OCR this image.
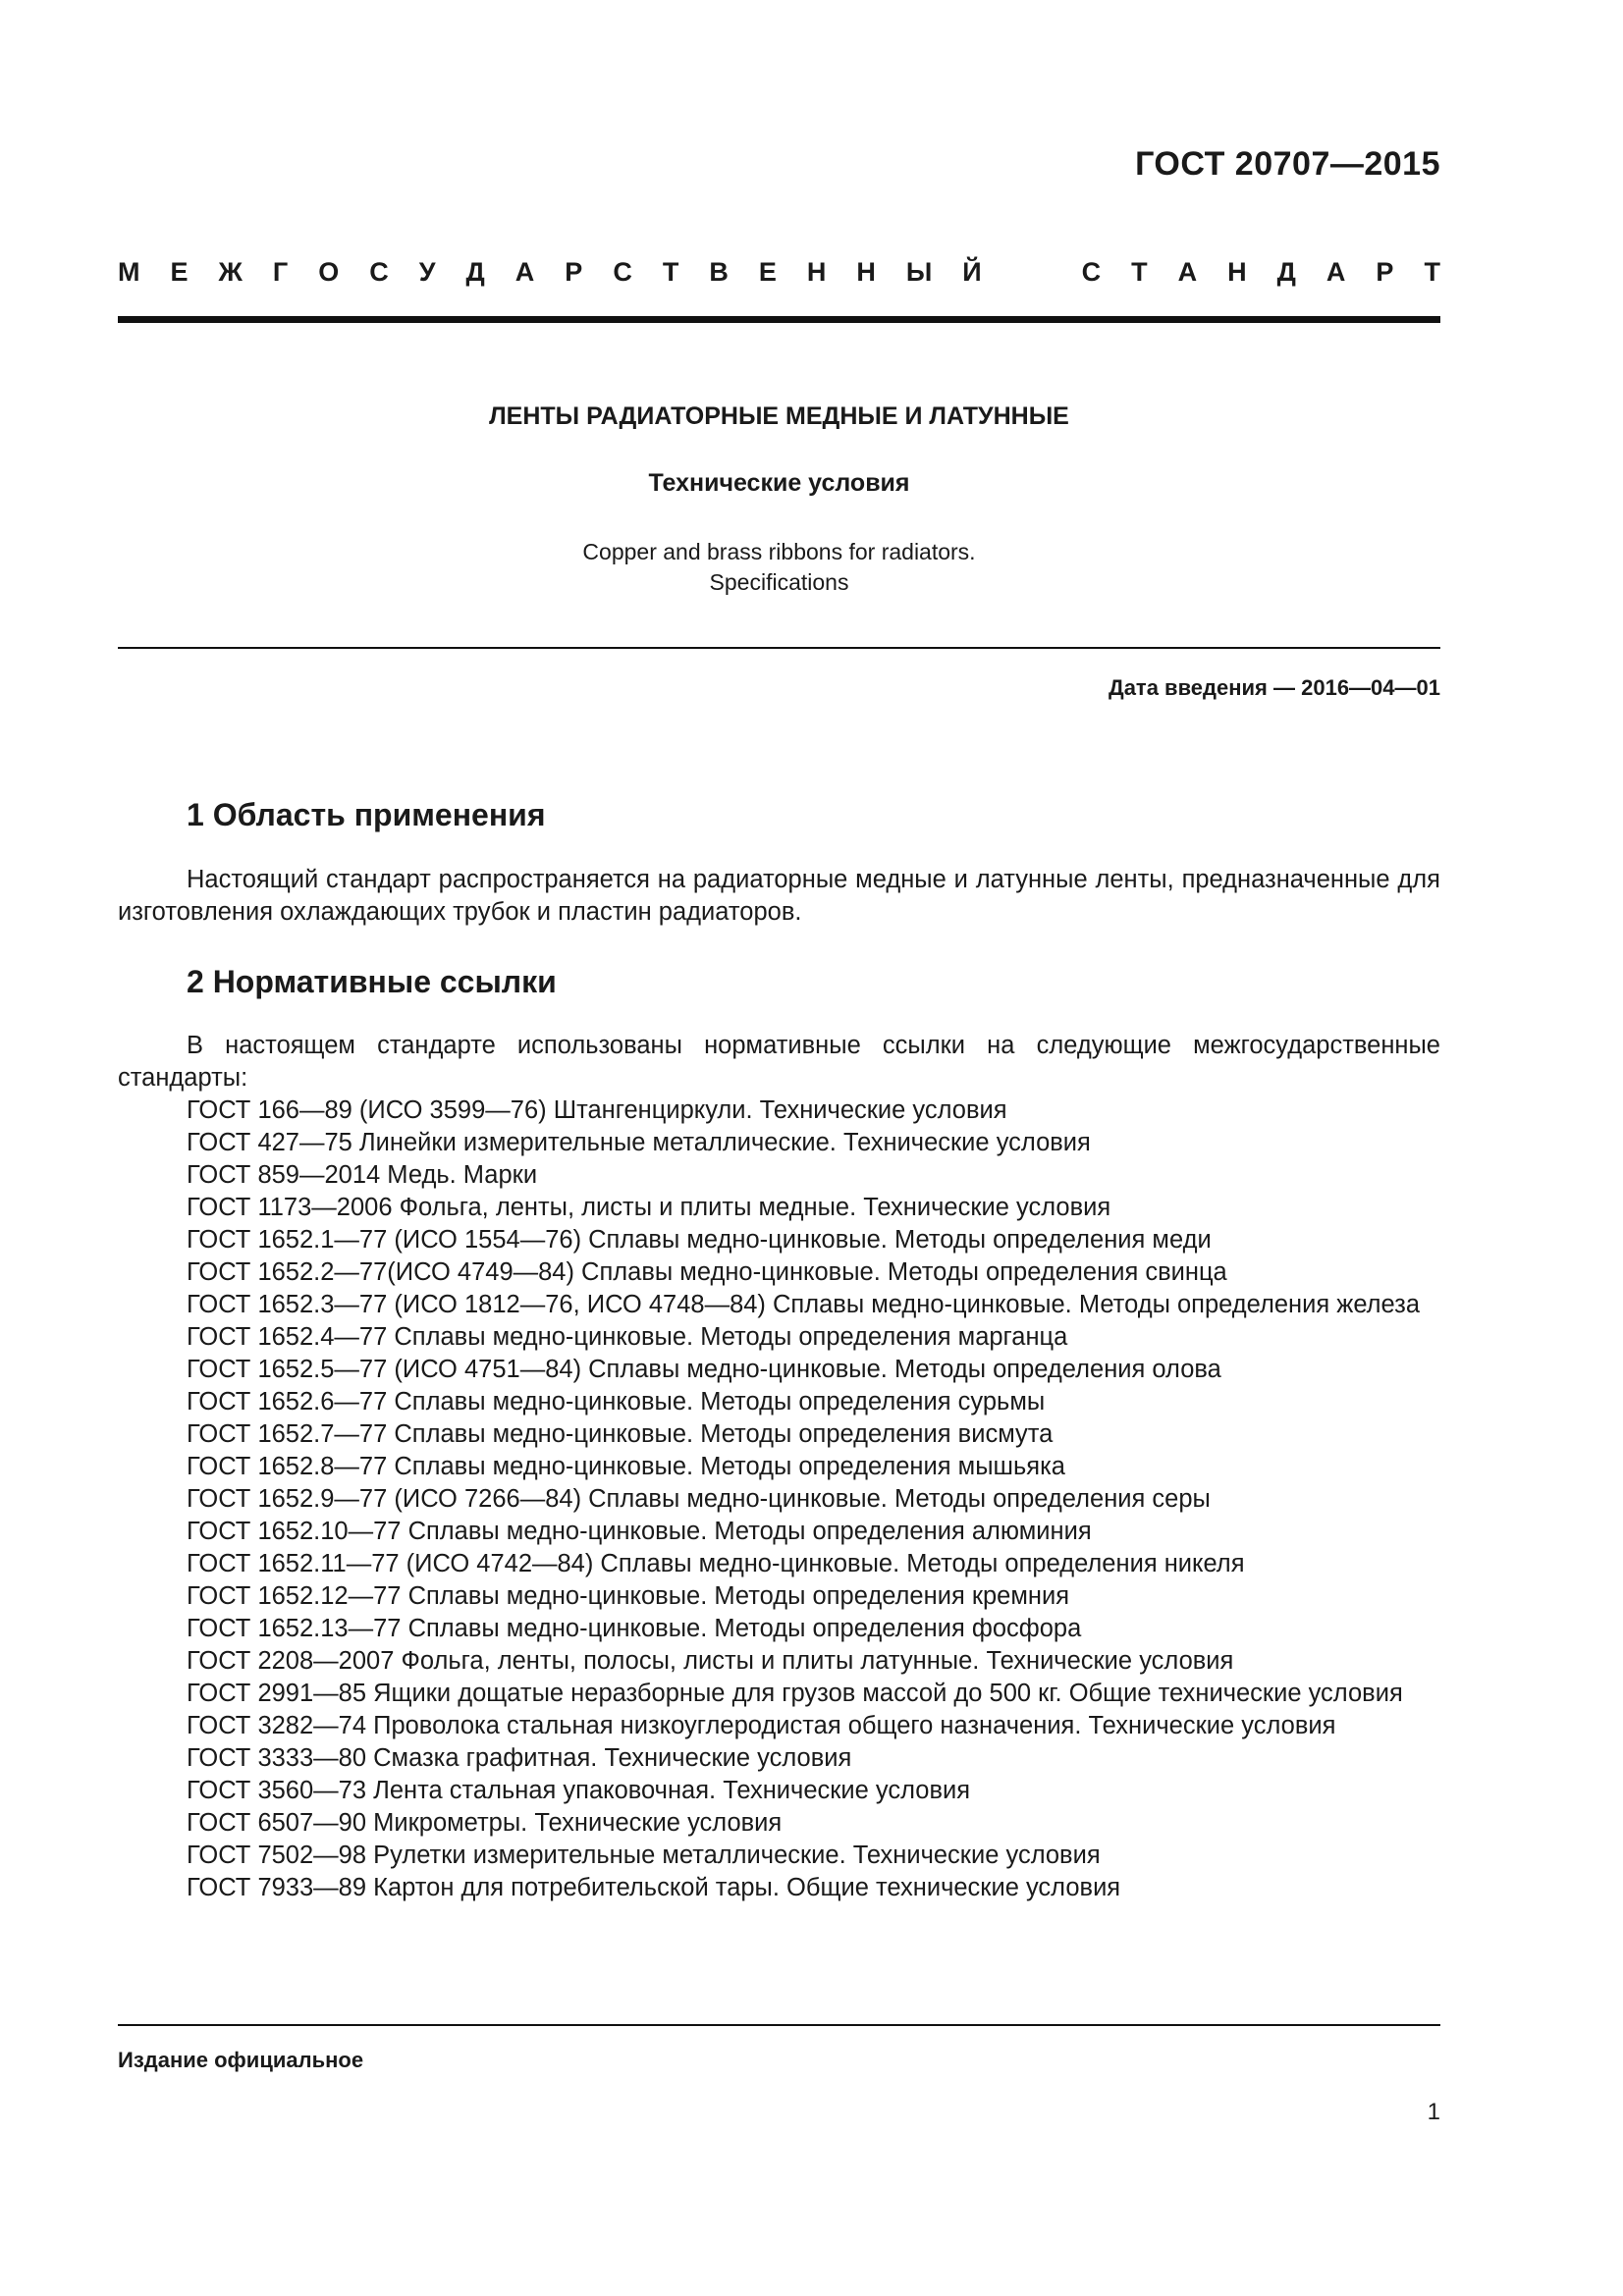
ГОСТ 20707—2015
М Е Ж Г О С У Д А Р С Т В Е Н Н Ы Й	С Т А Н Д А Р Т
ЛЕНТЫ РАДИАТОРНЫЕ МЕДНЫЕ И ЛАТУННЫЕ
Технические условия
Copper and brass ribbons for radiators.
Specifications
Дата введения — 2016—04—01
1 Область применения

Настоящий стандарт распространяется на радиаторные медные и латунные ленты, предназначенные для изготовления охлаждающих трубок и пластин радиаторов.

2 Нормативные ссылки

В настоящем стандарте использованы нормативные ссылки на следующие межгосударственные стандарты:

ГОСТ 166—89 (ИСО 3599—76) Штангенциркули. Технические условия

ГОСТ 427—75 Линейки измерительные металлические. Технические условия

ГОСТ 859—2014 Медь. Марки

ГОСТ 1173—2006 Фольга, ленты, листы и плиты медные. Технические условия

ГОСТ 1652.1—77 (ИСО 1554—76) Сплавы медно-цинковые. Методы определения меди

ГОСТ 1652.2—77(ИСО 4749—84) Сплавы медно-цинковые. Методы определения свинца

ГОСТ 1652.3—77 (ИСО 1812—76, ИСО 4748—84) Сплавы медно-цинковые. Методы определения железа

ГОСТ 1652.4—77 Сплавы медно-цинковые. Методы определения марганца

ГОСТ 1652.5—77 (ИСО 4751—84) Сплавы медно-цинковые. Методы определения олова

ГОСТ 1652.6—77 Сплавы медно-цинковые. Методы определения сурьмы

ГОСТ 1652.7—77 Сплавы медно-цинковые. Методы определения висмута

ГОСТ 1652.8—77 Сплавы медно-цинковые. Методы определения мышьяка

ГОСТ 1652.9—77 (ИСО 7266—84) Сплавы медно-цинковые. Методы определения серы

ГОСТ 1652.10—77 Сплавы медно-цинковые. Методы определения алюминия

ГОСТ 1652.11—77 (ИСО 4742—84) Сплавы медно-цинковые. Методы определения никеля

ГОСТ 1652.12—77 Сплавы медно-цинковые. Методы определения кремния

ГОСТ 1652.13—77 Сплавы медно-цинковые. Методы определения фосфора

ГОСТ 2208—2007 Фольга, ленты, полосы, листы и плиты латунные. Технические условия

ГОСТ 2991—85 Ящики дощатые неразборные для грузов массой до 500 кг. Общие технические условия

ГОСТ 3282—74 Проволока стальная низкоуглеродистая общего назначения. Технические условия

ГОСТ 3333—80 Смазка графитная. Технические условия

ГОСТ 3560—73 Лента стальная упаковочная. Технические условия

ГОСТ 6507—90 Микрометры. Технические условия

ГОСТ 7502—98 Рулетки измерительные металлические. Технические условия

ГОСТ 7933—89 Картон для потребительской тары. Общие технические условия

Издание официальное
1
